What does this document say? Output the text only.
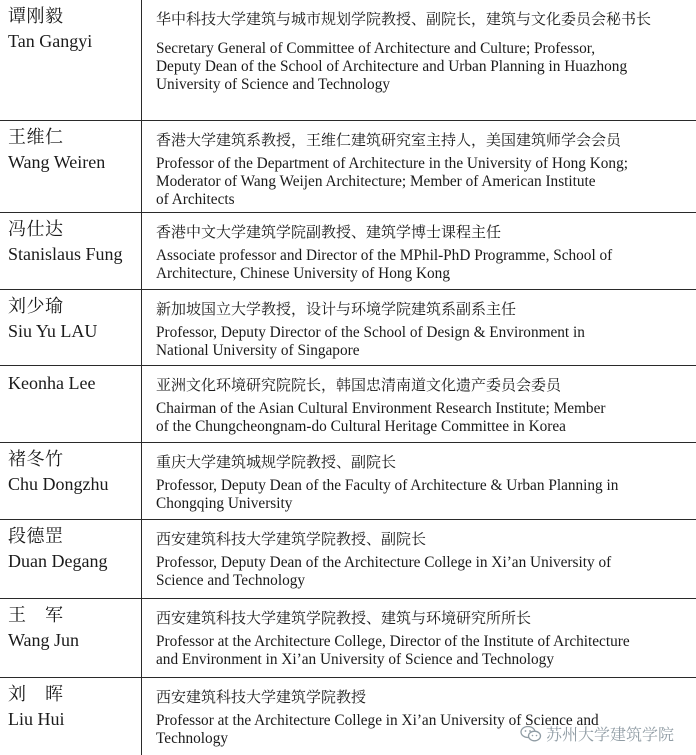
谭刚毅
Tan Gangyi

华中科技大学建筑与城市规划学院教授、副院长，建筑与文化委员会秘书长

Secretary General of Committee of Architecture and Culture; Professor,
Deputy Dean of the School of Architecture and Urban Planning in Huazhong
University of Science and Technology

王维仁
Wang Weiren

香港大学建筑系教授，王维仁建筑研究室主持人，美国建筑师学会会员

Professor of the Department of Architecture in the University of Hong Kong;
Moderator of Wang Weijen Architecture; Member of American Institute
of Architects

冯仕达
Stanislaus Fung

香港中文大学建筑学院副教授、建筑学博士课程主任

Associate professor and Director of the MPhil-PhD Programme, School of
Architecture, Chinese University of Hong Kong

刘少瑜
Siu Yu LAU

新加坡国立大学教授，设计与环境学院建筑系副系主任

Professor, Deputy Director of the School of Design & Environment in
National University of Singapore

Keonha Lee	亚洲文化环境研究院院长，韩国忠清南道文化遗产委员会委员

Chairman of the Asian Cultural Environment Research Institute; Member
of the Chungcheongnam-do Cultural Heritage Committee in Korea

褚冬竹
Chu Dongzhu

重庆大学建筑城规学院教授、副院长

Professor, Deputy Dean of the Faculty of Architecture & Urban Planning in
Chongqing University

段德罡
Duan Degang

西安建筑科技大学建筑学院教授、副院长

Professor, Deputy Dean of the Architecture College in Xi’an University of
Science and Technology

王　军
Wang Jun

西安建筑科技大学建筑学院教授、建筑与环境研究所所长

Professor at the Architecture College, Director of the Institute of Architecture
and Environment in Xi’an University of Science and Technology

刘　晖
Liu Hui

西安建筑科技大学建筑学院教授

Professor at the Architecture College in Xi’an University of Science and
Technology	苏州大学建筑学院
